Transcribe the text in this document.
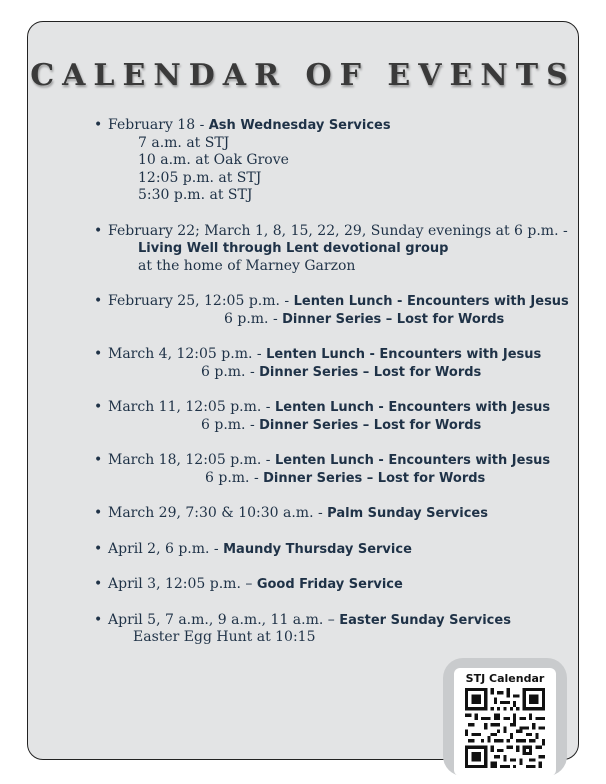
CALENDAR OF EVENTS
• February 18 - Ash Wednesday Services
7 a.m. at STJ
10 a.m. at Oak Grove
12:05 p.m. at STJ
5:30 p.m. at STJ
• February 22; March 1, 8, 15, 22, 29, Sunday evenings at 6 p.m. -
Living Well through Lent devotional group
at the home of Marney Garzon
• February 25, 12:05 p.m. - Lenten Lunch - Encounters with Jesus
6 p.m. - Dinner Series – Lost for Words
• March 4, 12:05 p.m. - Lenten Lunch - Encounters with Jesus
6 p.m. - Dinner Series – Lost for Words
• March 11, 12:05 p.m. - Lenten Lunch - Encounters with Jesus
6 p.m. - Dinner Series – Lost for Words
• March 18, 12:05 p.m. - Lenten Lunch - Encounters with Jesus
6 p.m. - Dinner Series – Lost for Words
• March 29, 7:30 & 10:30 a.m. - Palm Sunday Services
• April 2, 6 p.m. - Maundy Thursday Service
• April 3, 12:05 p.m. – Good Friday Service
• April 5, 7 a.m., 9 a.m., 11 a.m. – Easter Sunday Services
Easter Egg Hunt at 10:15
STJ Calendar
